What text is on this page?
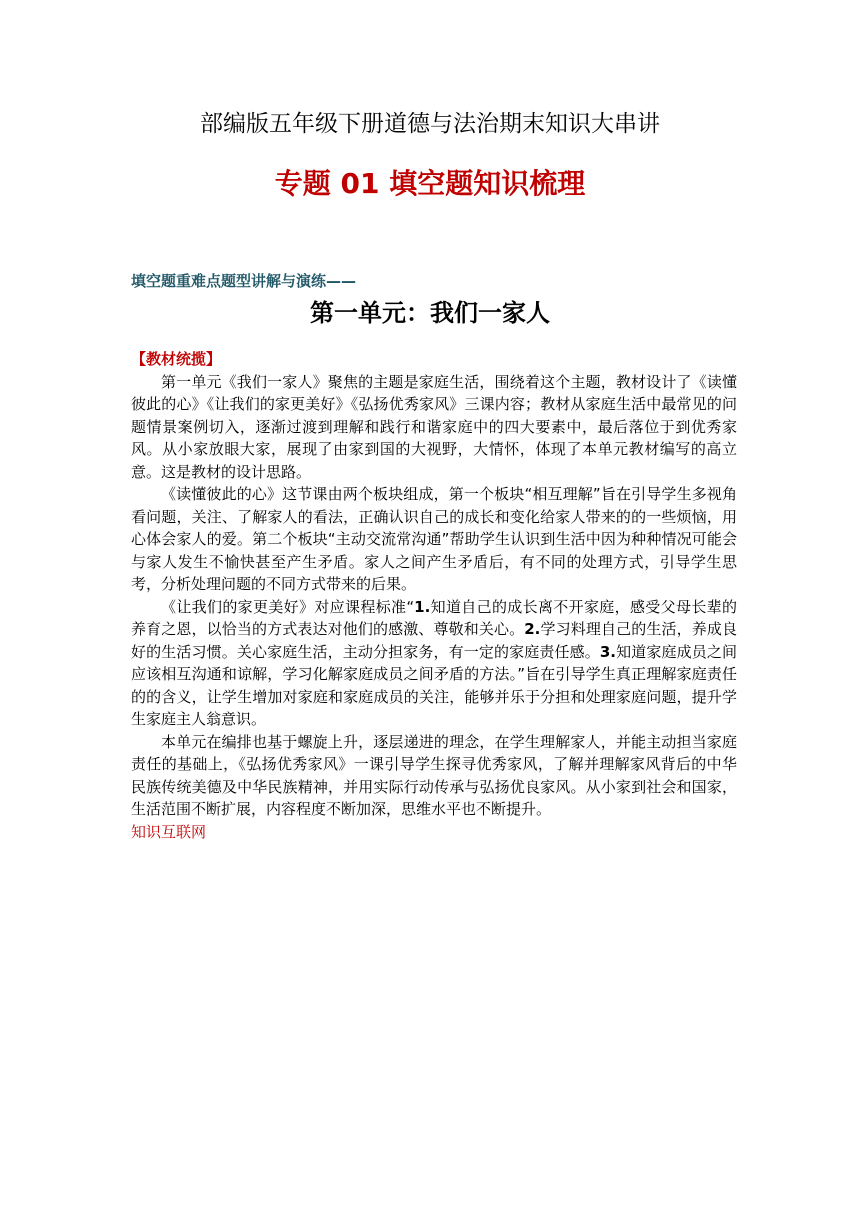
部编版五年级下册道德与法治期末知识大串讲
专题 01 填空题知识梳理
填空题重难点题型讲解与演练——
第一单元：我们一家人

【教材统揽】

第一单元《我们一家人》聚焦的主题是家庭生活，围绕着这个主题，教材设计了《读懂彼此的心》《让我们的家更美好》《弘扬优秀家风》三课内容；教材从家庭生活中最常见的问题情景案例切入，逐渐过渡到理解和践行和谐家庭中的四大要素中，最后落位于到优秀家风。从小家放眼大家，展现了由家到国的大视野，大情怀，体现了本单元教材编写的高立意。这是教材的设计思路。

《读懂彼此的心》这节课由两个板块组成，第一个板块“相互理解”旨在引导学生多视角看问题，关注、了解家人的看法，正确认识自己的成长和变化给家人带来的的一些烦恼，用心体会家人的爱。第二个板块“主动交流常沟通”帮助学生认识到生活中因为种种情况可能会与家人发生不愉快甚至产生矛盾。家人之间产生矛盾后，有不同的处理方式，引导学生思考，分析处理问题的不同方式带来的后果。

《让我们的家更美好》对应课程标准“1.知道自己的成长离不开家庭，感受父母长辈的养育之恩，以恰当的方式表达对他们的感激、尊敬和关心。2.学习料理自己的生活，养成良好的生活习惯。关心家庭生活，主动分担家务，有一定的家庭责任感。3.知道家庭成员之间应该相互沟通和谅解，学习化解家庭成员之间矛盾的方法。”旨在引导学生真正理解家庭责任的的含义，让学生增加对家庭和家庭成员的关注，能够并乐于分担和处理家庭问题，提升学生家庭主人翁意识。

本单元在编排也基于螺旋上升，逐层递进的理念，在学生理解家人，并能主动担当家庭责任的基础上，《弘扬优秀家风》一课引导学生探寻优秀家风，了解并理解家风背后的中华民族传统美德及中华民族精神，并用实际行动传承与弘扬优良家风。从小家到社会和国家，生活范围不断扩展，内容程度不断加深，思维水平也不断提升。

知识互联网
